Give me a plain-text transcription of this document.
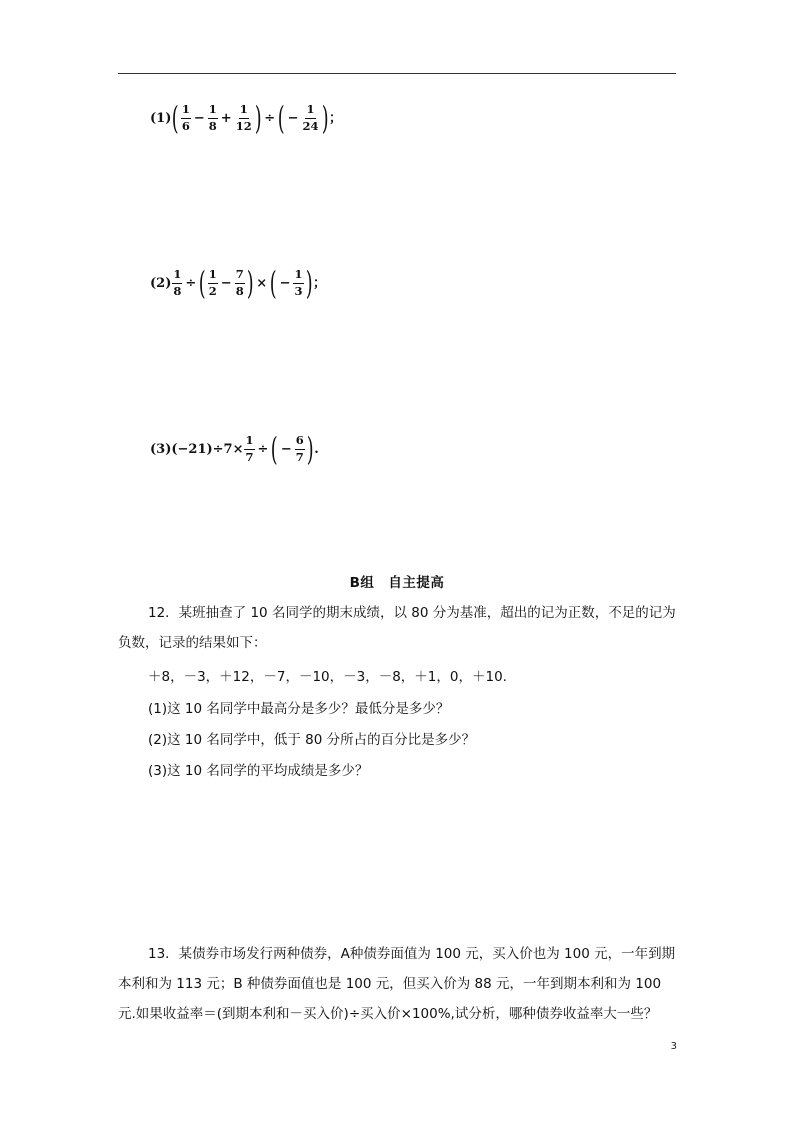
(1) ( $\frac{1}{6} - \frac{1}{8} + \frac{1}{12}$ ) ÷ ( − $\frac{1}{24}$ ) ；
$(2) \frac{1}{8}$ ÷ ( $\frac{1}{2} - \frac{7}{8}$ ) × ( − $\frac{1}{3}$ ) ；
(3) $(-21)\div 7\times \frac{1}{7}$ ÷ ( − $\frac{6}{7}$ ) .
B组　自主提高
12．某班抽查了 10 名同学的期末成绩，以 80 分为基准，超出的记为正数，不足的记为负数，记录的结果如下：
＋8，－3，＋12，－7，－10，－3，－8，＋1，0，＋10.
(1)这 10 名同学中最高分是多少？最低分是多少？
(2)这 10 名同学中，低于 80 分所占的百分比是多少？
(3)这 10 名同学的平均成绩是多少？
13．某债券市场发行两种债券，A种债券面值为 100 元，买入价也为 100 元，一年到期本利和为 113 元；B 种债券面值也是 100 元，但买入价为 88 元，一年到期本利和为 100 元.如果收益率＝(到期本利和－买入价)÷买入价×100%,试分析，哪种债券收益率大一些？
3
